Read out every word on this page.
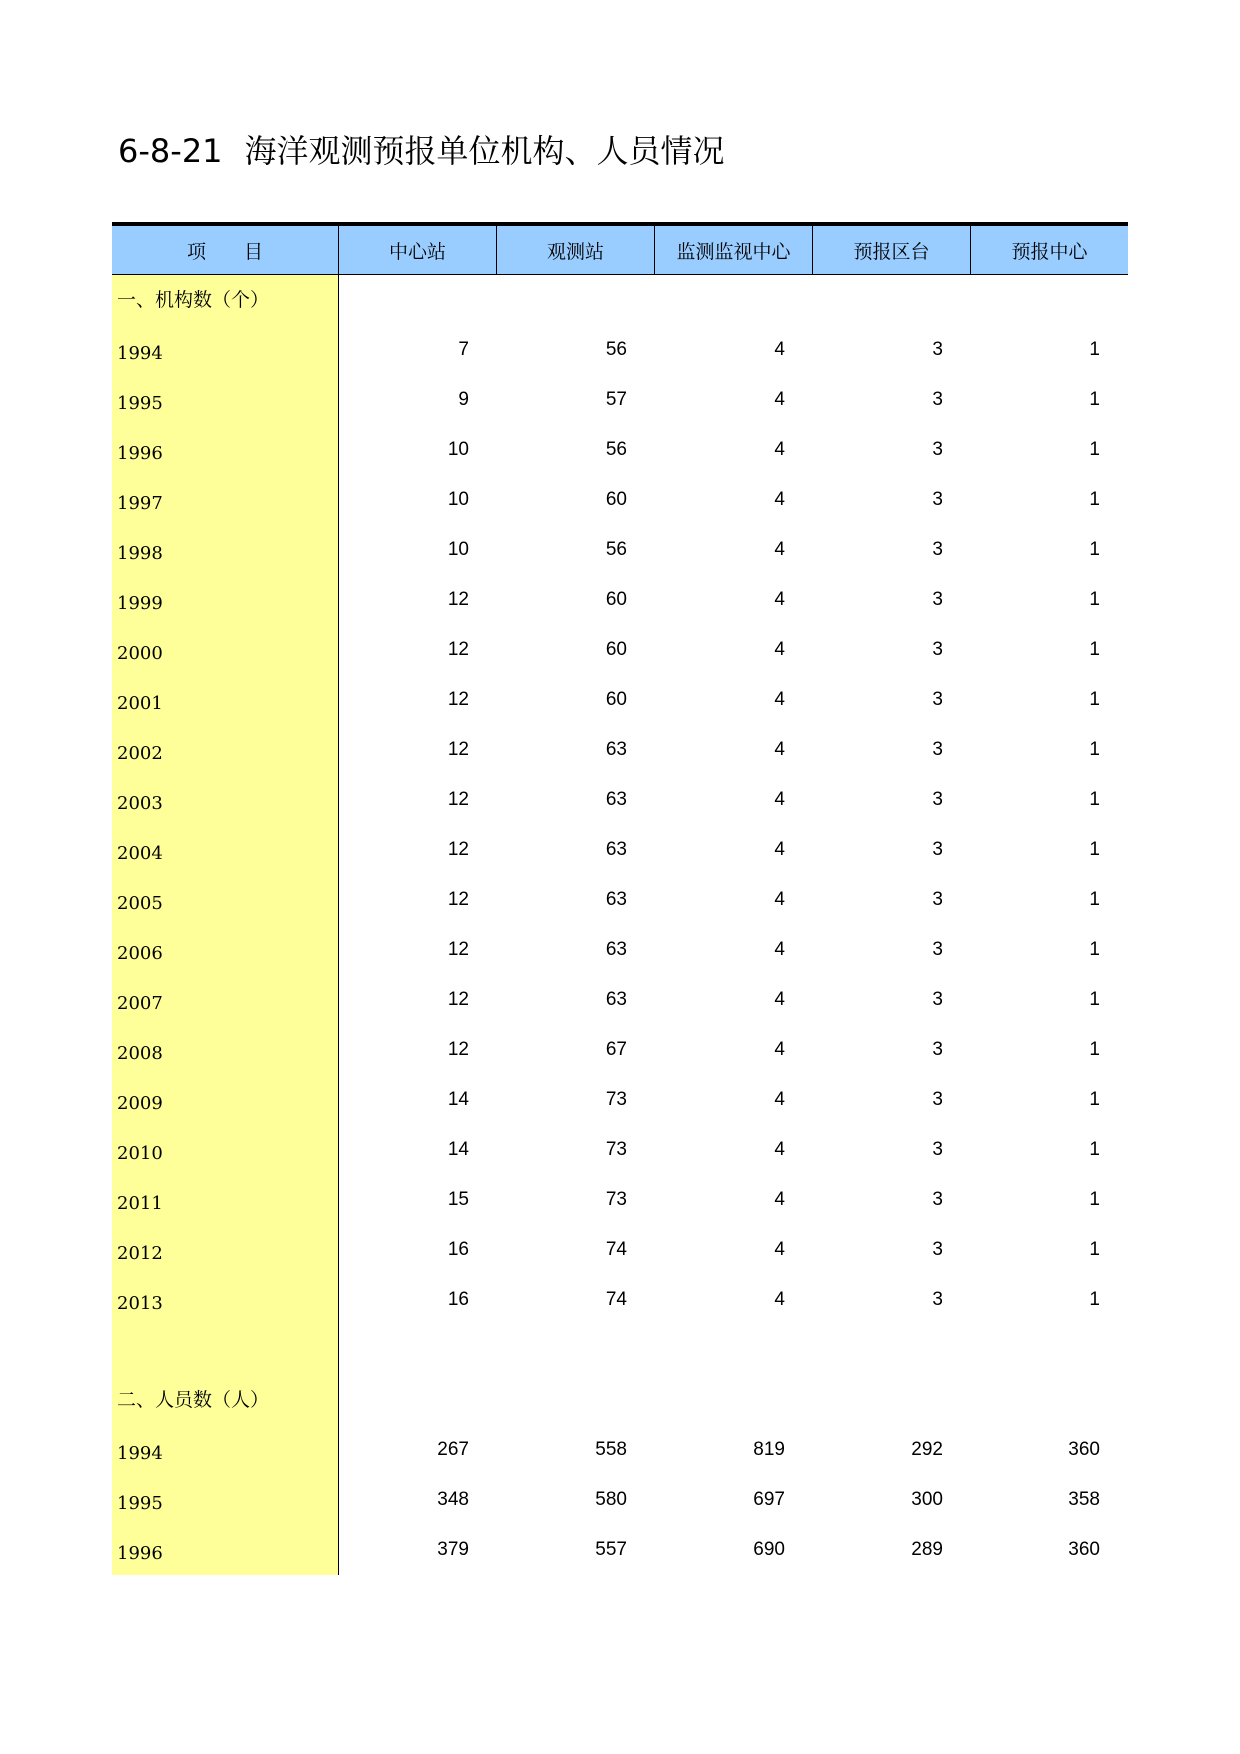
6-8-21 海洋观测预报单位机构、人员情况
项　　目	中心站	观测站	监测监视中心	预报区台	预报中心
一、机构数（个）
1994	7	56	4	3	1
1995	9	57	4	3	1
1996	10	56	4	3	1
1997	10	60	4	3	1
1998	10	56	4	3	1
1999	12	60	4	3	1
2000	12	60	4	3	1
2001	12	60	4	3	1
2002	12	63	4	3	1
2003	12	63	4	3	1
2004	12	63	4	3	1
2005	12	63	4	3	1
2006	12	63	4	3	1
2007	12	63	4	3	1
2008	12	67	4	3	1
2009	14	73	4	3	1
2010	14	73	4	3	1
2011	15	73	4	3	1
2012	16	74	4	3	1
2013	16	74	4	3	1
二、人员数（人）
1994	267	558	819	292	360
1995	348	580	697	300	358
1996	379	557	690	289	360
